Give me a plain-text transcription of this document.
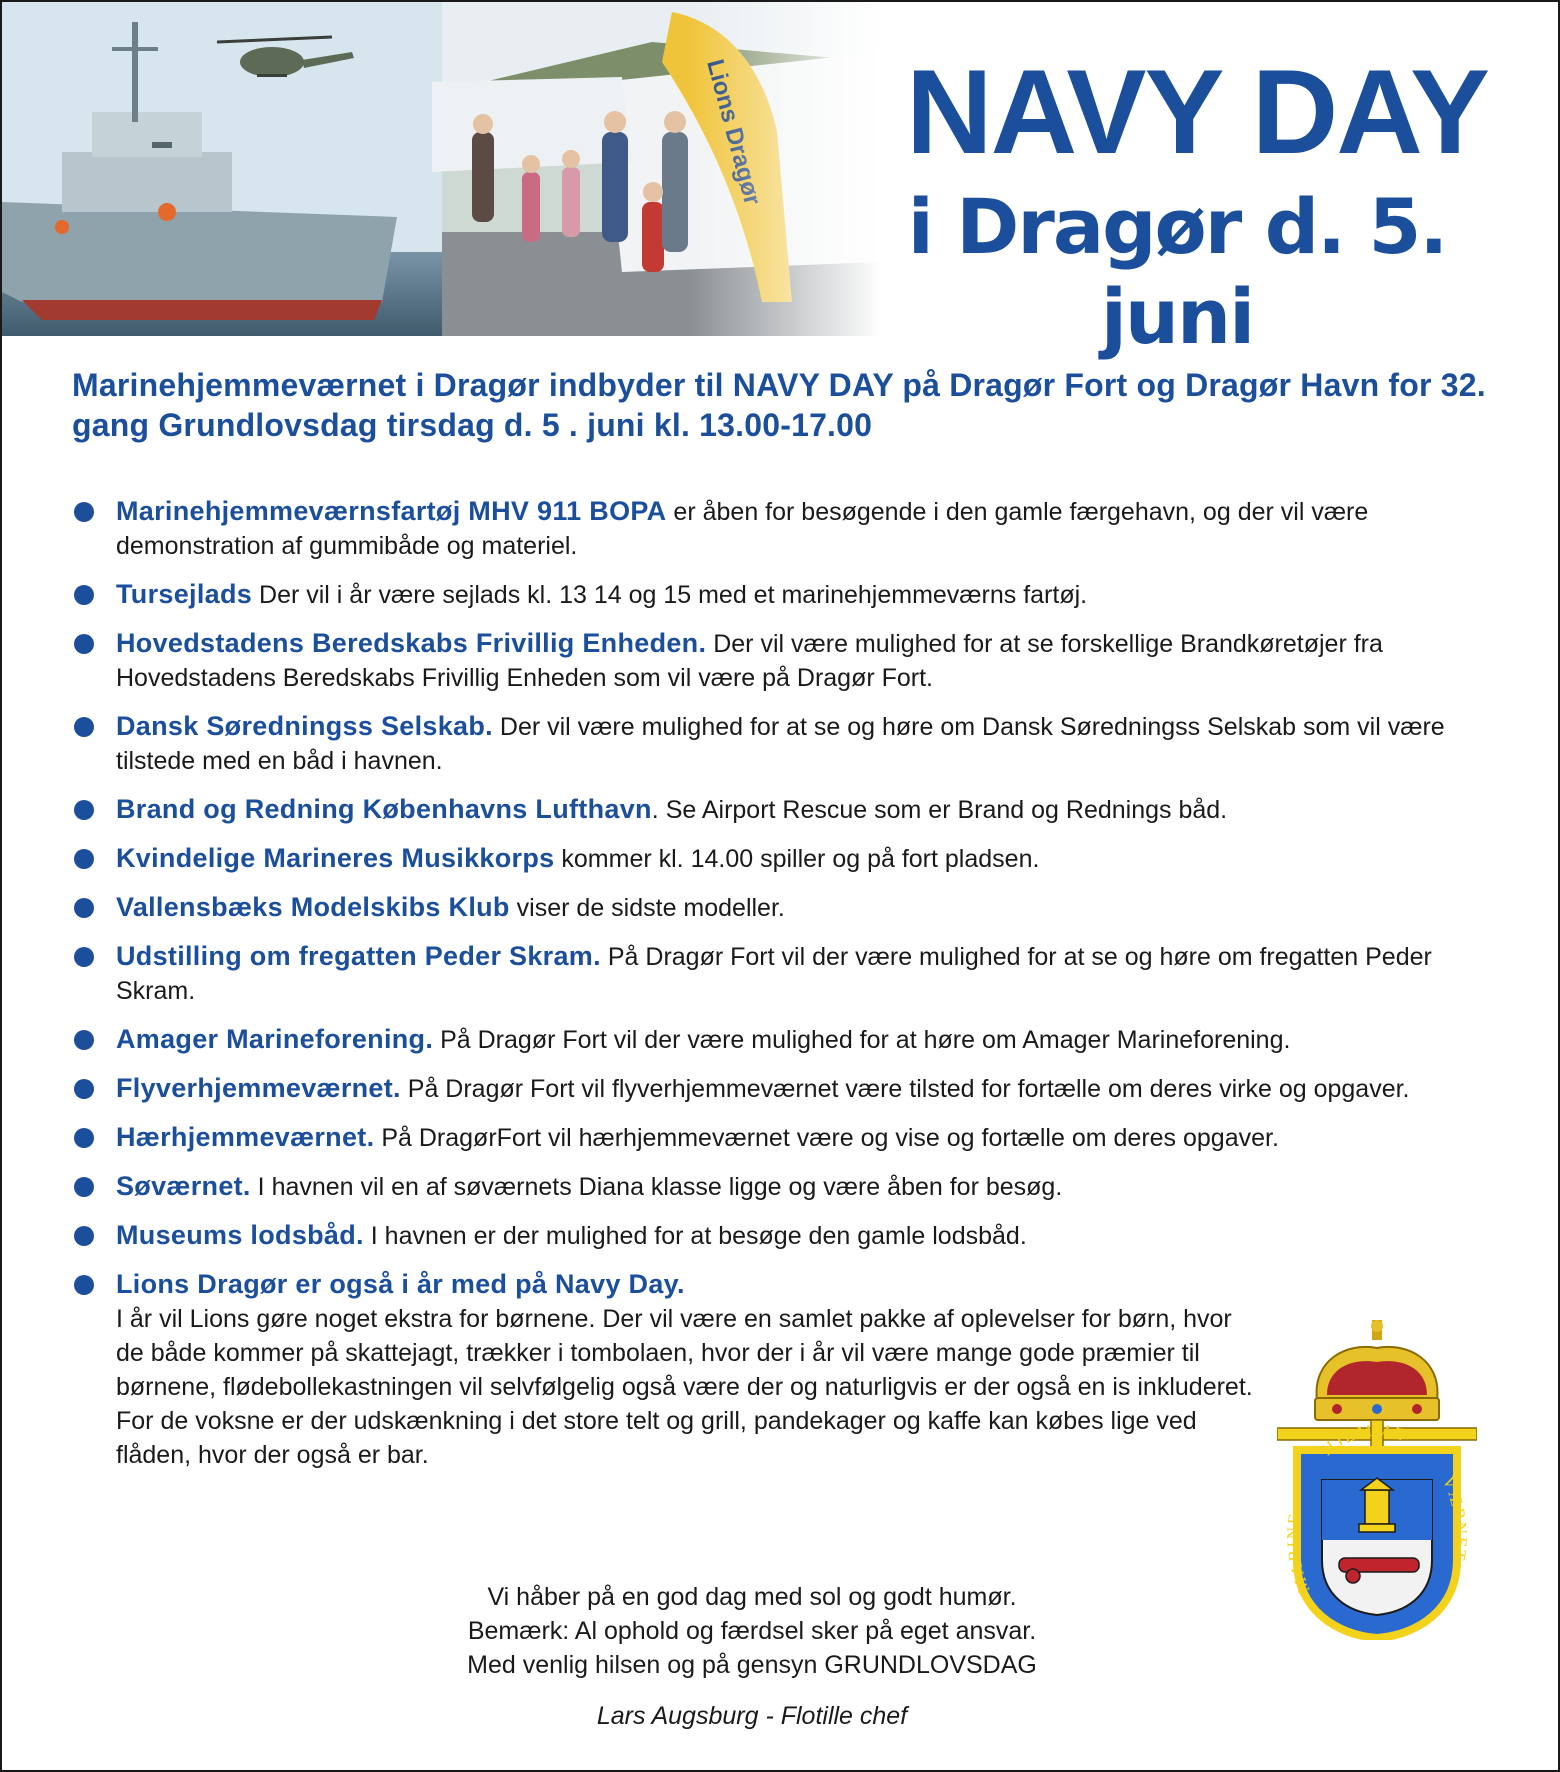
NAVY DAY
i Dragør d. 5. juni
Marinehjemmeværnet i Dragør indbyder til NAVY DAY på Dragør Fort og Dragør Havn for 32. gang Grundlovsdag tirsdag d. 5 . juni kl. 13.00-17.00
Marinehjemmeværnsfartøj MHV 911 BOPA er åben for besøgende i den gamle færgehavn, og der vil være demonstration af gummibåde og materiel.
Tursejlads Der vil i år være sejlads kl. 13 14 og 15 med et marinehjemmeværns fartøj.
Hovedstadens Beredskabs Frivillig Enheden. Der vil være mulighed for at se forskellige Brandkøretøjer fra Hovedstadens Beredskabs Frivillig Enheden som vil være på Dragør Fort.
Dansk Søredningss Selskab. Der vil være mulighed for at se og høre om Dansk Søredningss Selskab som vil være tilstede med en båd i havnen.
Brand og Redning Københavns Lufthavn. Se Airport Rescue som er Brand og Rednings båd.
Kvindelige Marineres Musikkorps kommer kl. 14.00 spiller og på fort pladsen.
Vallensbæks Modelskibs Klub viser de sidste modeller.
Udstilling om fregatten Peder Skram. På Dragør Fort vil der være mulighed for at se og høre om fregatten Peder Skram.
Amager Marineforening. På Dragør Fort vil der være mulighed for at høre om Amager Marineforening.
Flyverhjemmeværnet. På Dragør Fort vil flyverhjemmeværnet være tilsted for fortælle om deres virke og opgaver.
Hærhjemmeværnet. På DragørFort vil hærhjemmeværnet være og vise og fortælle om deres opgaver.
Søværnet. I havnen vil en af søværnets Diana klasse ligge og være åben for besøg.
Museums lodsbåd. I havnen er der mulighed for at besøge den gamle lodsbåd.
Lions Dragør er også i år med på Navy Day.
I år vil Lions gøre noget ekstra for børnene. Der vil være en samlet pakke af oplevelser for børn, hvor de både kommer på skattejagt, trækker i tombolaen, hvor der i år vil være mange gode præmier til børnene, flødebollekastningen vil selvfølgelig også være der og naturligvis er der også en is inkluderet.
For de voksne er der udskænkning i det store telt og grill, pandekager og kaffe kan købes lige ved flåden, hvor der også er bar.
Vi håber på en god dag med sol og godt humør.
Bemærk: Al ophold og færdsel sker på eget ansvar.
Med venlig hilsen og på gensyn GRUNDLOVSDAG
Lars Augsburg - Flotille chef
HJEMME
MARINE
VÆRNET
